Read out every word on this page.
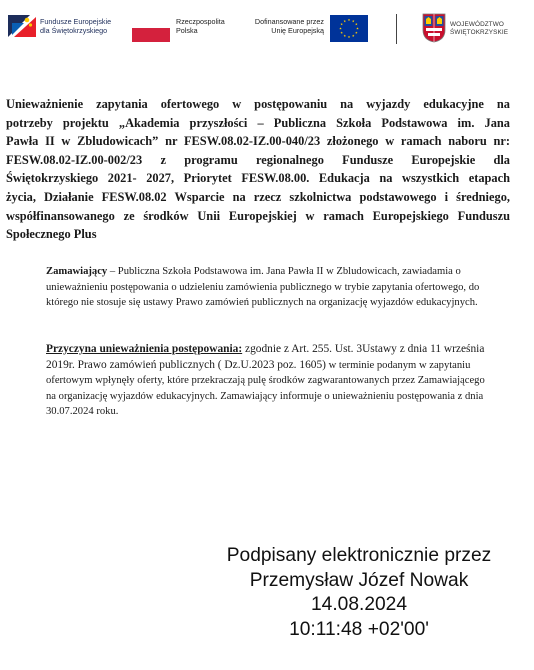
Fundusze Europejskie
dla Świętokrzyskiego
Rzeczpospolita
Polska
Dofinansowane przez
Unię Europejską
WOJEWÓDZTWO
ŚWIĘTOKRZYSKIE

Unieważnienie zapytania ofertowego w postępowaniu na wyjazdy edukacyjne na
potrzeby projektu „Akademia przyszłości – Publiczna Szkoła Podstawowa im. Jana
Pawła II w Zbludowicach” nr FESW.08.02-IZ.00-040/23 złożonego w ramach naboru nr:
FESW.08.02-IZ.00-002/23 z programu regionalnego Fundusze Europejskie dla
Świętokrzyskiego 2021- 2027, Priorytet FESW.08.00. Edukacja na wszystkich etapach
życia, Działanie FESW.08.02 Wsparcie na rzecz szkolnictwa podstawowego i średniego,
współfinansowanego ze środków Unii Europejskiej w ramach Europejskiego Funduszu
Społecznego Plus

Zamawiający – Publiczna Szkoła Podstawowa im. Jana Pawła II w Zbludowicach, zawiadamia o unieważnieniu postępowania o udzieleniu zamówienia publicznego w trybie zapytania ofertowego, do którego nie stosuje się ustawy Prawo zamówień publicznych na organizację wyjazdów edukacyjnych.

Przyczyna unieważnienia postępowania: zgodnie z Art. 255. Ust. 3Ustawy z dnia 11 września 2019r. Prawo zamówień publicznych ( Dz.U.2023 poz. 1605) w terminie podanym w zapytaniu ofertowym wpłynęły oferty, które przekraczają pulę środków zagwarantowanych przez Zamawiającego na organizację wyjazdów edukacyjnych. Zamawiający informuje o unieważnieniu postępowania z dnia 30.07.2024 roku.

Podpisany elektronicznie przez
Przemysław Józef Nowak
14.08.2024
10:11:48 +02'00'
